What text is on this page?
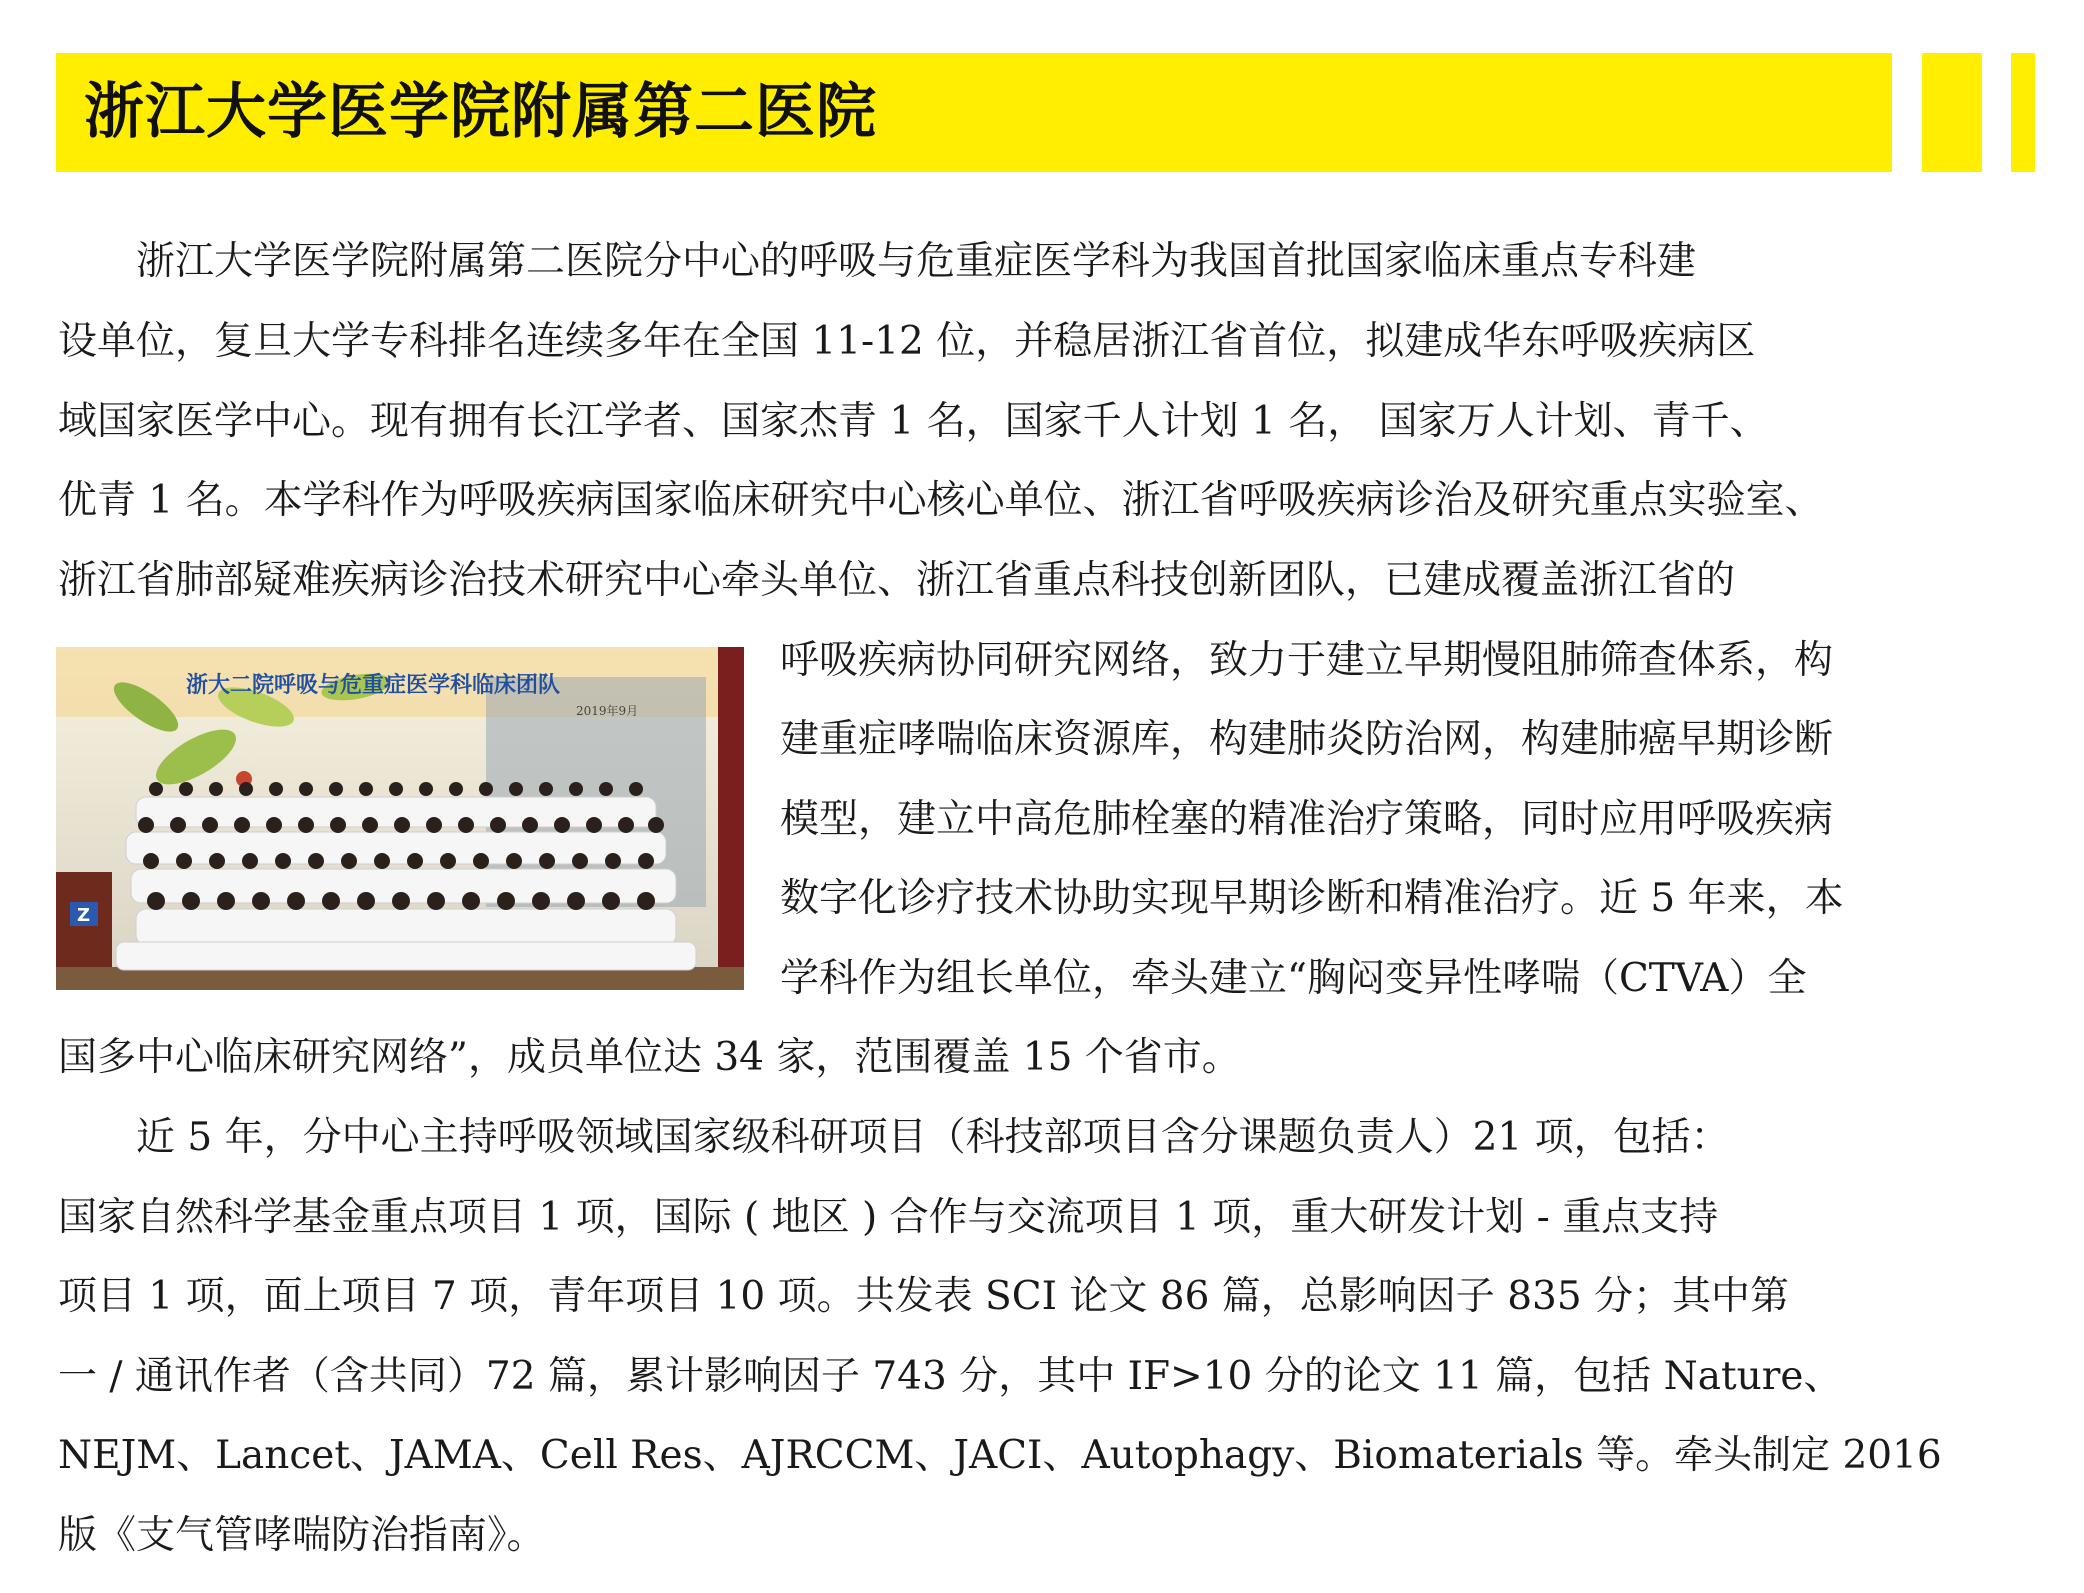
浙江大学医学院附属第二医院
　　浙江大学医学院附属第二医院分中心的呼吸与危重症医学科为我国首批国家临床重点专科建
设单位，复旦大学专科排名连续多年在全国 11-12 位，并稳居浙江省首位，拟建成华东呼吸疾病区
域国家医学中心。现有拥有长江学者、国家杰青 1 名，国家千人计划 1 名， 国家万人计划、青千、
优青 1 名。本学科作为呼吸疾病国家临床研究中心核心单位、浙江省呼吸疾病诊治及研究重点实验室、
浙江省肺部疑难疾病诊治技术研究中心牵头单位、浙江省重点科技创新团队，已建成覆盖浙江省的
呼吸疾病协同研究网络，致力于建立早期慢阻肺筛查体系，构
建重症哮喘临床资源库，构建肺炎防治网，构建肺癌早期诊断
模型，建立中高危肺栓塞的精准治疗策略，同时应用呼吸疾病
数字化诊疗技术协助实现早期诊断和精准治疗。近 5 年来，本
学科作为组长单位，牵头建立“胸闷变异性哮喘（CTVA）全
国多中心临床研究网络”，成员单位达 34 家，范围覆盖 15 个省市。
　　近 5 年，分中心主持呼吸领域国家级科研项目（科技部项目含分课题负责人）21 项，包括：
国家自然科学基金重点项目 1 项，国际 ( 地区 ) 合作与交流项目 1 项，重大研发计划 - 重点支持
项目 1 项，面上项目 7 项，青年项目 10 项。共发表 SCI 论文 86 篇，总影响因子 835 分；其中第
一 / 通讯作者（含共同）72 篇，累计影响因子 743 分，其中 IF>10 分的论文 11 篇，包括 Nature、
NEJM、Lancet、JAMA、Cell Res、AJRCCM、JACI、Autophagy、Biomaterials 等。牵头制定 2016
版《支气管哮喘防治指南》。
浙大二院呼吸与危重症医学科临床团队
2019年9月
Z
